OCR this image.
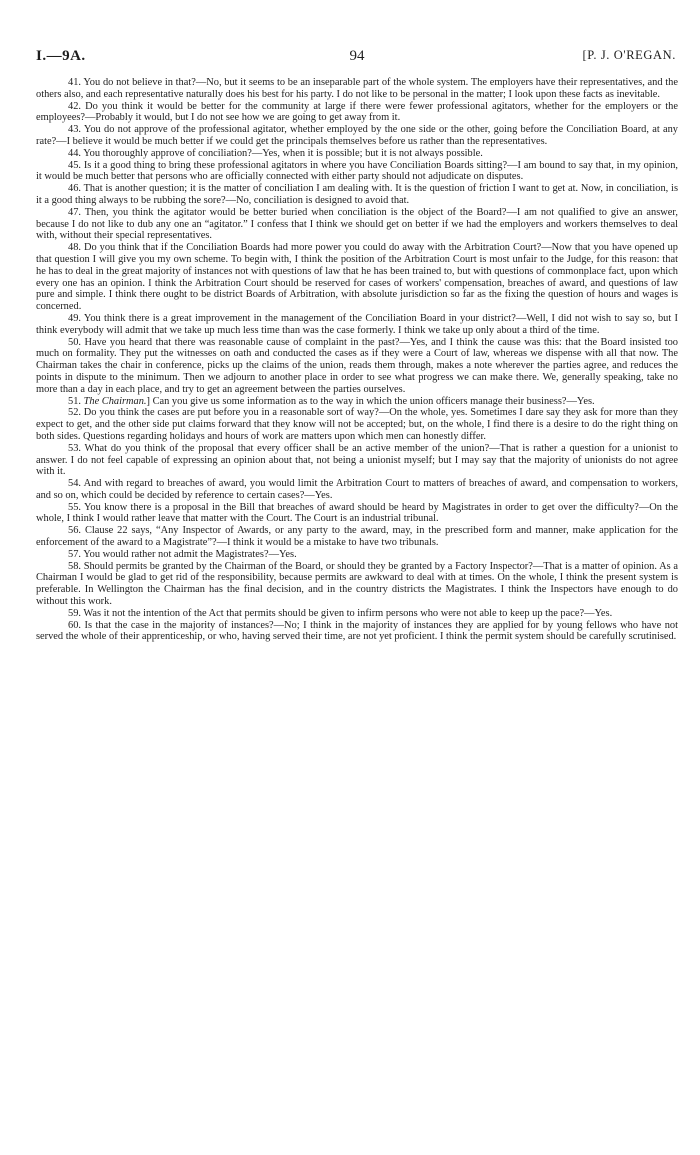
I.—9A.	94	[P. J. O'REGAN.

41. You do not believe in that?—No, but it seems to be an inseparable part of the whole system. The employers have their representatives, and the others also, and each representative naturally does his best for his party. I do not like to be personal in the matter; I look upon these facts as inevitable.

42. Do you think it would be better for the community at large if there were fewer professional agitators, whether for the employers or the employees?—Probably it would, but I do not see how we are going to get away from it.

43. You do not approve of the professional agitator, whether employed by the one side or the other, going before the Conciliation Board, at any rate?—I believe it would be much better if we could get the principals themselves before us rather than the representatives.

44. You thoroughly approve of conciliation?—Yes, when it is possible; but it is not always possible.

45. Is it a good thing to bring these professional agitators in where you have Conciliation Boards sitting?—I am bound to say that, in my opinion, it would be much better that persons who are officially connected with either party should not adjudicate on disputes.

46. That is another question; it is the matter of conciliation I am dealing with. It is the question of friction I want to get at. Now, in conciliation, is it a good thing always to be rubbing the sore?—No, conciliation is designed to avoid that.

47. Then, you think the agitator would be better buried when conciliation is the object of the Board?—I am not qualified to give an answer, because I do not like to dub any one an “agitator.” I confess that I think we should get on better if we had the employers and workers themselves to deal with, without their special representatives.

48. Do you think that if the Conciliation Boards had more power you could do away with the Arbitration Court?—Now that you have opened up that question I will give you my own scheme. To begin with, I think the position of the Arbitration Court is most unfair to the Judge, for this reason: that he has to deal in the great majority of instances not with questions of law that he has been trained to, but with questions of commonplace fact, upon which every one has an opinion. I think the Arbitration Court should be reserved for cases of workers' compensation, breaches of award, and questions of law pure and simple. I think there ought to be district Boards of Arbitration, with absolute jurisdiction so far as the fixing the question of hours and wages is concerned.

49. You think there is a great improvement in the management of the Conciliation Board in your district?—Well, I did not wish to say so, but I think everybody will admit that we take up much less time than was the case formerly. I think we take up only about a third of the time.

50. Have you heard that there was reasonable cause of complaint in the past?—Yes, and I think the cause was this: that the Board insisted too much on formality. They put the witnesses on oath and conducted the cases as if they were a Court of law, whereas we dispense with all that now. The Chairman takes the chair in conference, picks up the claims of the union, reads them through, makes a note wherever the parties agree, and reduces the points in dispute to the minimum. Then we adjourn to another place in order to see what progress we can make there. We, generally speaking, take no more than a day in each place, and try to get an agreement between the parties ourselves.

51. The Chairman.] Can you give us some information as to the way in which the union officers manage their business?—Yes.

52. Do you think the cases are put before you in a reasonable sort of way?—On the whole, yes. Sometimes I dare say they ask for more than they expect to get, and the other side put claims forward that they know will not be accepted; but, on the whole, I find there is a desire to do the right thing on both sides. Questions regarding holidays and hours of work are matters upon which men can honestly differ.

53. What do you think of the proposal that every officer shall be an active member of the union?—That is rather a question for a unionist to answer. I do not feel capable of expressing an opinion about that, not being a unionist myself; but I may say that the majority of unionists do not agree with it.

54. And with regard to breaches of award, you would limit the Arbitration Court to matters of breaches of award, and compensation to workers, and so on, which could be decided by reference to certain cases?—Yes.

55. You know there is a proposal in the Bill that breaches of award should be heard by Magistrates in order to get over the difficulty?—On the whole, I think I would rather leave that matter with the Court. The Court is an industrial tribunal.

56. Clause 22 says, “Any Inspector of Awards, or any party to the award, may, in the prescribed form and manner, make application for the enforcement of the award to a Magistrate”?—I think it would be a mistake to have two tribunals.

57. You would rather not admit the Magistrates?—Yes.

58. Should permits be granted by the Chairman of the Board, or should they be granted by a Factory Inspector?—That is a matter of opinion. As a Chairman I would be glad to get rid of the responsibility, because permits are awkward to deal with at times. On the whole, I think the present system is preferable. In Wellington the Chairman has the final decision, and in the country districts the Magistrates. I think the Inspectors have enough to do without this work.

59. Was it not the intention of the Act that permits should be given to infirm persons who were not able to keep up the pace?—Yes.

60. Is that the case in the majority of instances?—No; I think in the majority of instances they are applied for by young fellows who have not served the whole of their apprenticeship, or who, having served their time, are not yet proficient. I think the permit system should be carefully scrutinised.
